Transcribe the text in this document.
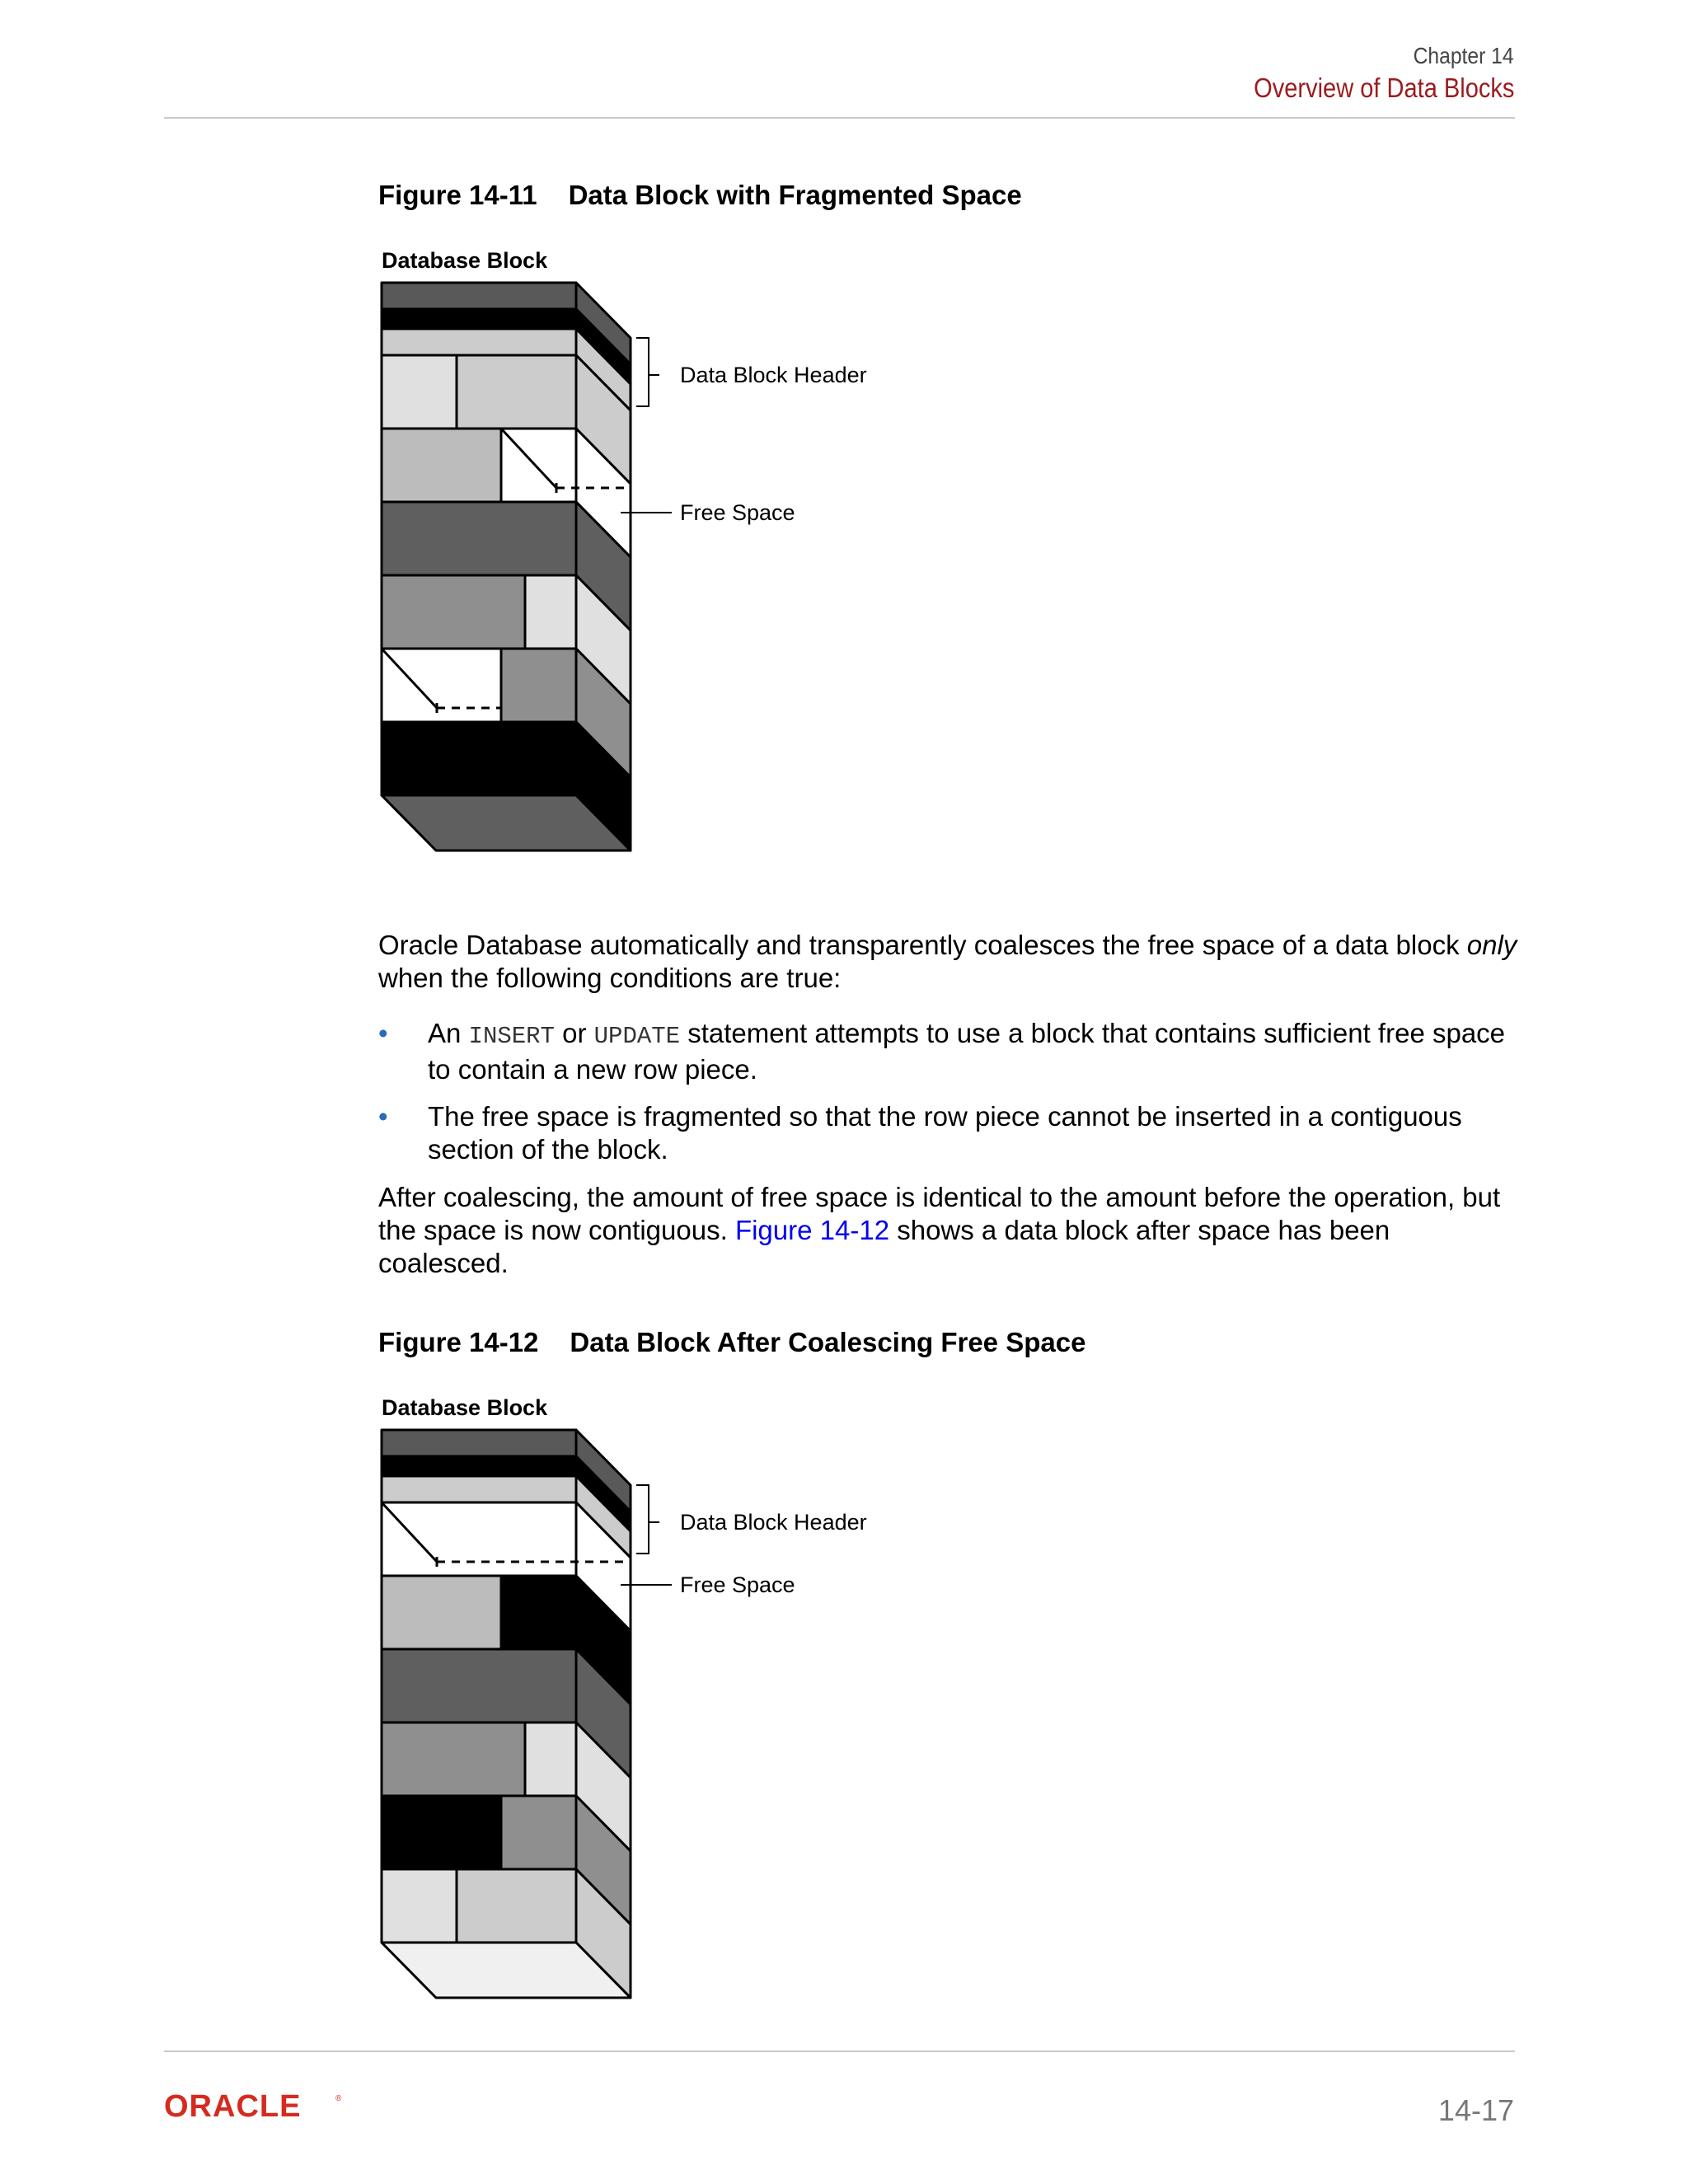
Chapter 14
Overview of Data Blocks
Figure 14-11 Data Block with Fragmented Space
Database Block
Data Block Header
Free Space

Oracle Database automatically and transparently coalesces the free space of a data block only when the following conditions are true:

• An INSERT or UPDATE statement attempts to use a block that contains sufficient free space to contain a new row piece.
• The free space is fragmented so that the row piece cannot be inserted in a contiguous section of the block.

After coalescing, the amount of free space is identical to the amount before the operation, but the space is now contiguous. Figure 14-12 shows a data block after space has been coalesced.

Figure 14-12 Data Block After Coalescing Free Space
Database Block
Data Block Header
Free Space
ORACLE	®	14-17
